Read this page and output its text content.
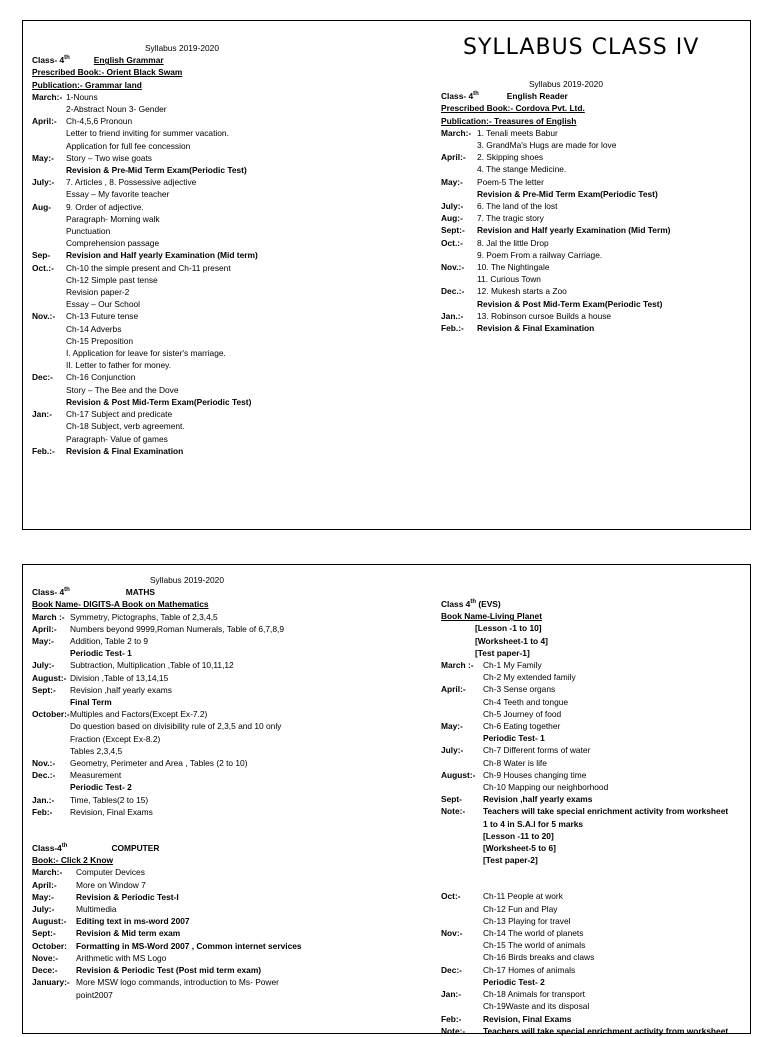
SYLLABUS CLASS IV
Syllabus 2019-2020
Class- 4th	English Grammar
Prescribed Book:- Orient Black Swam
Publication:- Grammar land
March:- 1-Nouns
2-Abstract Noun 3- Gender
April:-	Ch-4,5,6 Pronoun
Letter to friend inviting for summer vacation.
Application for full fee concession
May:-	Story – Two wise goats
Revision & Pre-Mid Term Exam(Periodic Test)
July:-	7. Articles , 8. Possessive adjective
Essay – My favorite teacher
Aug-	9. Order of adjective.
Paragraph- Morning walk
Punctuation
Comprehension passage
Sep-	Revision and Half yearly Examination (Mid term)
Oct.:-	Ch-10 the simple present and Ch-11 present
Ch-12 Simple past tense
Revision paper-2
Essay – Our School
Nov.:-	Ch-13 Future tense
Ch-14 Adverbs
Ch-15 Preposition
I. Application for leave for sister's marriage.
II. Letter to father for money.
Dec:-	Ch-16 Conjunction
Story – The Bee and the Dove
Revision & Post Mid-Term Exam(Periodic Test)
Jan:-	Ch-17 Subject and predicate
Ch-18 Subject, verb agreement.
Paragraph- Value of games
Feb.:-	Revision & Final Examination
Syllabus 2019-2020
Class- 4th	English Reader
Prescribed Book:- Cordova Pvt. Ltd.
Publication:- Treasures of English
March:- 1. Tenali meets Babur
3. GrandMa's Hugs are made for love
April:-	2. Skipping shoes
4. The stange Medicine.
May:-	Poem-5 The letter
Revision & Pre-Mid Term Exam(Periodic Test)
July:-	6. The land of the lost
Aug:-	7. The tragic story
Sept:-	Revision and Half yearly Examination (Mid Term)
Oct.:-	8. Jal the little Drop
9. Poem From a railway Carriage.
Nov.:-	10. The Nightingale
11. Curious Town
Dec.:-	12. Mukesh starts a Zoo
Revision & Post Mid-Term Exam(Periodic Test)
Jan.:-	13. Robinson cursoe Builds a house
Feb.:-	Revision & Final Examination
Syllabus 2019-2020
Class- 4th	MATHS
Book Name- DIGITS-A Book on Mathematics
March :- Symmetry, Pictographs, Table of 2,3,4,5
April:-	Numbers beyond 9999,Roman Numerals, Table of 6,7,8,9
May:-	Addition, Table 2 to 9
Periodic Test- 1
July:-	Subtraction, Multiplication ,Table of 10,11,12
August:- Division ,Table of 13,14,15
Sept:-	Revision ,half yearly exams
Final Term
October:- Multiples and Factors(Except Ex-7.2)
Do question based on divisibility rule of 2,3,5 and 10 only
Fraction (Except Ex-8.2)
Tables 2,3,4,5
Nov.:-	Geometry, Perimeter and Area , Tables (2 to 10)
Dec.:-	Measurement
Periodic Test- 2
Jan.:-	Time, Tables(2 to 15)
Feb:-	Revision, Final Exams
Class-4th	COMPUTER
Book:- Click 2 Know
March:-	Computer Devices
April:-	More on Window 7
May:-	Revision & Periodic Test-I
July:-	Multimedia
August:-	Editing text in ms-word 2007
Sept:-	Revision & Mid term exam
October:	Formatting in MS-Word 2007 , Common internet services
Nove:-	Arithmetic with MS Logo
Dece:-	Revision & Periodic Test (Post mid term exam)
January:- More MSW logo commands, introduction to Ms- Power
point2007
Class 4th (EVS)
Book Name-Living Planet
[Lesson -1 to 10]
[Worksheet-1 to 4]
[Test paper-1]
March :-	Ch-1 My Family
Ch-2 My extended family
April:-	Ch-3 Sense organs
Ch-4 Teeth and tongue
Ch-5 Journey of food
May:-	Ch-6 Eating together
Periodic Test- 1
July:-	Ch-7 Different forms of water
Ch-8 Water is life
August:- Ch-9 Houses changing time
Ch-10 Mapping our neighborhood
Sept-	Revision ,half yearly exams
Note:-	Teachers will take special enrichment activity from worksheet
1 to 4 in S.A.I for 5 marks
[Lesson -11 to 20]
[Worksheet-5 to 6]
[Test paper-2]
Oct:-	Ch-11 People at work
Ch-12 Fun and Play
Ch-13 Playing for travel
Nov:-	Ch-14 The world of planets
Ch-15 The world of animals
Ch-16 Birds breaks and claws
Dec:-	Ch-17 Homes of animals
Periodic Test- 2
Jan:-	Ch-18 Animals for transport
Ch-19Waste and its disposal
Feb:-	Revision, Final Exams
Note:-	Teachers will take special enrichment activity from worksheet
